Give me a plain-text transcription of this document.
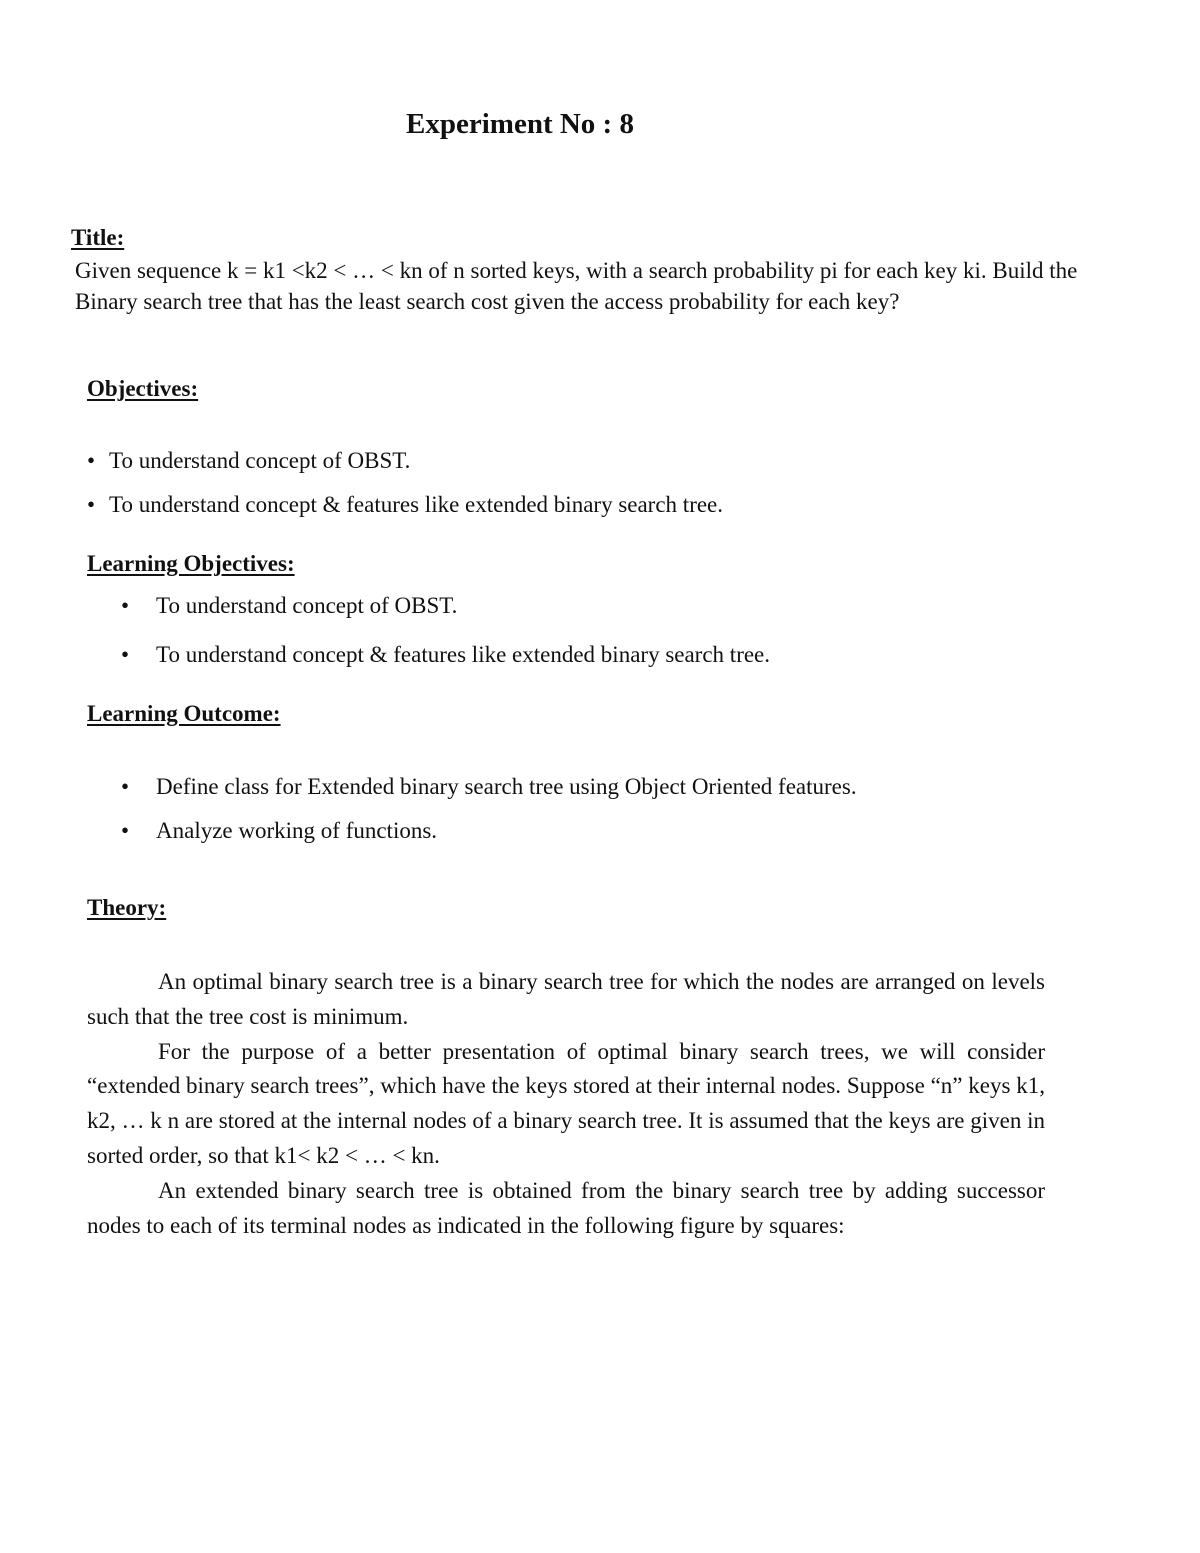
Experiment No : 8
Title:
Given sequence k = k1 <k2 < … < kn of n sorted keys, with a search probability pi for each key ki. Build the Binary search tree that has the least search cost given the access probability for each key?
Objectives:
• To understand concept of OBST.
• To understand concept & features like extended binary search tree.
Learning Objectives:
• To understand concept of OBST.
• To understand concept & features like extended binary search tree.
Learning Outcome:
• Define class for Extended binary search tree using Object Oriented features.
• Analyze working of functions.
Theory:

An optimal binary search tree is a binary search tree for which the nodes are arranged on levels such that the tree cost is minimum.

For the purpose of a better presentation of optimal binary search trees, we will consider “extended binary search trees”, which have the keys stored at their internal nodes. Suppose “n” keys k1, k2, … k n are stored at the internal nodes of a binary search tree. It is assumed that the keys are given in sorted order, so that k1< k2 < … < kn.

An extended binary search tree is obtained from the binary search tree by adding successor nodes to each of its terminal nodes as indicated in the following figure by squares:
